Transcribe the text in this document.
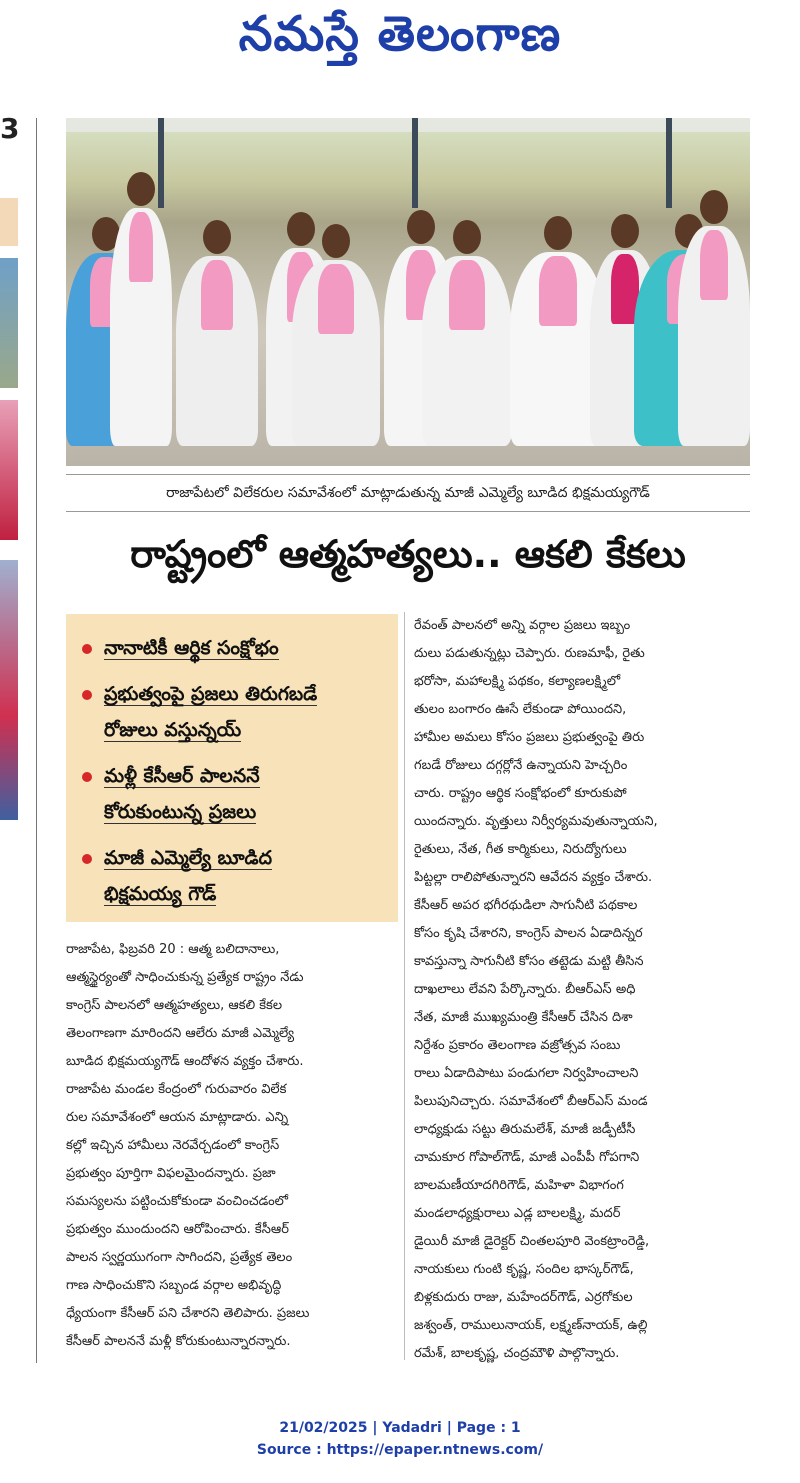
నమస్తే తెలంగాణ
3
రాజాపేటలో విలేకరుల సమావేశంలో మాట్లాడుతున్న మాజీ ఎమ్మెల్యే బూడిద భిక్షమయ్యగౌడ్
రాష్ట్రంలో ఆత్మహత్యలు.. ఆకలి కేకలు
నానాటికీ ఆర్థిక సంక్షోభం
ప్రభుత్వంపై ప్రజలు తిరుగబడే
రోజులు వస్తున్నయ్
మళ్లీ కేసీఆర్ పాలననే
కోరుకుంటున్న ప్రజలు
మాజీ ఎమ్మెల్యే బూడిద
భిక్షమయ్య గౌడ్

రాజాపేట, ఫిబ్రవరి 20 : ఆత్మ బలిదానాలు,

ఆత్మస్థైర్యంతో సాధించుకున్న ప్రత్యేక రాష్ట్రం నేడు

కాంగ్రెస్ పాలనలో ఆత్మహత్యలు, ఆకలి కేకల

తెలంగాణగా మారిందని ఆలేరు మాజీ ఎమ్మెల్యే

బూడిద భిక్షమయ్యగౌడ్ ఆందోళన వ్యక్తం చేశారు.

రాజాపేట మండల కేంద్రంలో గురువారం విలేక

రుల సమావేశంలో ఆయన మాట్లాడారు. ఎన్ని

కల్లో ఇచ్చిన హామీలు నెరవేర్చడంలో కాంగ్రెస్

ప్రభుత్వం పూర్తిగా విఫలమైందన్నారు. ప్రజా

సమస్యలను పట్టించుకోకుండా వంచించడంలో

ప్రభుత్వం ముందుందని ఆరోపించారు. కేసీఆర్

పాలన స్వర్ణయుగంగా సాగిందని, ప్రత్యేక తెలం

గాణ సాధించుకొని సబ్బండ వర్గాల అభివృద్ధి

ధ్యేయంగా కేసీఆర్ పని చేశారని తెలిపారు. ప్రజలు

కేసీఆర్ పాలననే మళ్లీ కోరుకుంటున్నారన్నారు.

రేవంత్ పాలనలో అన్ని వర్గాల ప్రజలు ఇబ్బం

దులు పడుతున్నట్లు చెప్పారు. రుణమాఫీ, రైతు

భరోసా, మహాలక్ష్మి పథకం, కల్యాణలక్ష్మిలో

తులం బంగారం ఊసే లేకుండా పోయిందని,

హామీల అమలు కోసం ప్రజలు ప్రభుత్వంపై తిరు

గబడే రోజులు దగ్గర్లోనే ఉన్నాయని హెచ్చరిం

చారు. రాష్ట్రం ఆర్థిక సంక్షోభంలో కూరుకుపో

యిందన్నారు. వృత్తులు నిర్వీర్యమవుతున్నాయని,

రైతులు, నేత, గీత కార్మికులు, నిరుద్యోగులు

పిట్టల్లా రాలిపోతున్నారని ఆవేదన వ్యక్తం చేశారు.

కేసీఆర్ అపర భగీరథుడిలా సాగునీటి పథకాల

కోసం కృషి చేశారని, కాంగ్రెస్ పాలన ఏడాదిన్నర

కావస్తున్నా సాగునీటి కోసం తట్టెడు మట్టి తీసిన

దాఖలాలు లేవని పేర్కొన్నారు. బీఆర్ఎస్ అధి

నేత, మాజీ ముఖ్యమంత్రి కేసీఆర్ చేసిన దిశా

నిర్దేశం ప్రకారం తెలంగాణ వజ్రోత్సవ సంబు

రాలు ఏడాదిపాటు పండుగలా నిర్వహించాలని

పిలుపునిచ్చారు. సమావేశంలో బీఆర్ఎస్ మండ

లాధ్యక్షుడు సట్టు తిరుమలేశ్, మాజీ జడ్పీటీసీ

చామకూర గోపాల్‌గౌడ్, మాజీ ఎంపీపీ గోపగాని

బాలమణీయాదగిరిగౌడ్, మహిళా విభాగంగ

మండలాధ్యక్షురాలు ఎడ్ల బాలలక్ష్మి, మదర్

డైయిరీ మాజీ డైరెక్టర్ చింతలపూరి వెంకట్రాంరెడ్డి,

నాయకులు గుంటి కృష్ణ, సందిల భాస్కర్‌గౌడ్,

బిళ్లకుదురు రాజు, మహేందర్‌గౌడ్, ఎర్రగోకుల

జశ్వంత్, రాములునాయక్, లక్ష్మణ్‌నాయక్, ఉల్లి

రమేశ్, బాలకృష్ణ, చంద్రమౌళి పాల్గొన్నారు.

21/02/2025 | Yadadri | Page : 1
Source : https://epaper.ntnews.com/
